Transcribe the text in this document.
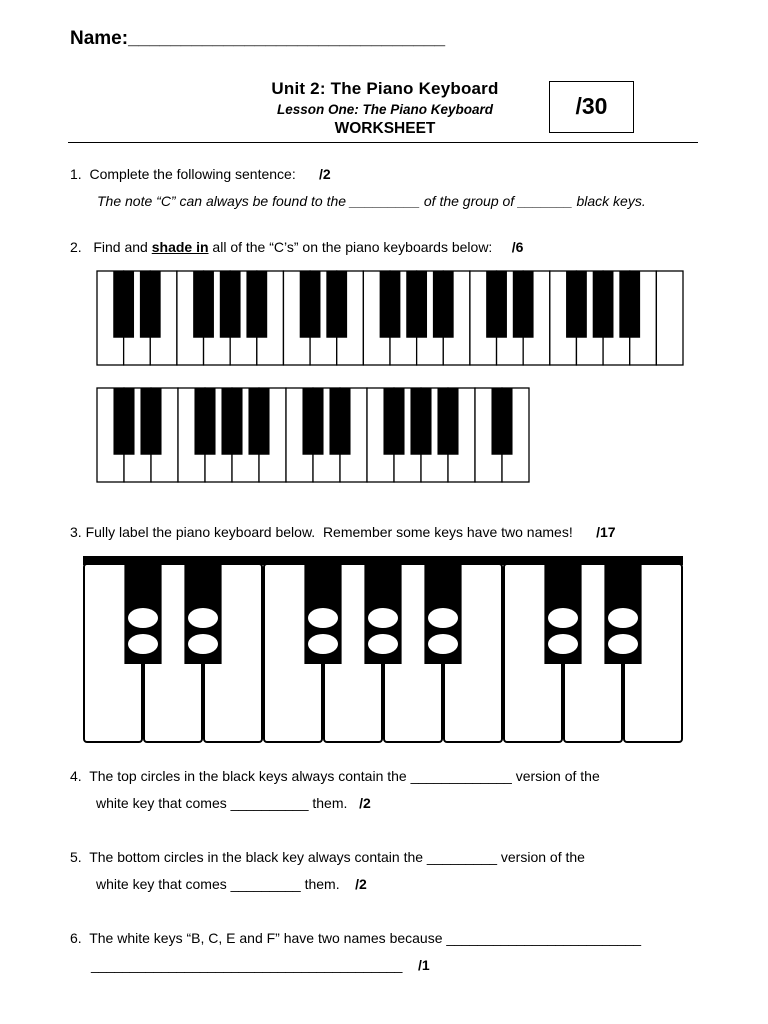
Name:______________________________
Unit 2: The Piano Keyboard
Lesson One: The Piano Keyboard
WORKSHEET
/30
1. Complete the following sentence: /2
The note “C” can always be found to the _________ of the group of _______ black keys.
2. Find and shade in all of the “C’s” on the piano keyboards below: /6
3. Fully label the piano keyboard below.  Remember some keys have two names! /17
4. The top circles in the black keys always contain the _____________ version of the
white key that comes __________ them. /2
5. The bottom circles in the black key always contain the _________ version of the
white key that comes _________ them. /2
6. The white keys “B, C, E and F” have two names because _________________________
________________________________________ /1
